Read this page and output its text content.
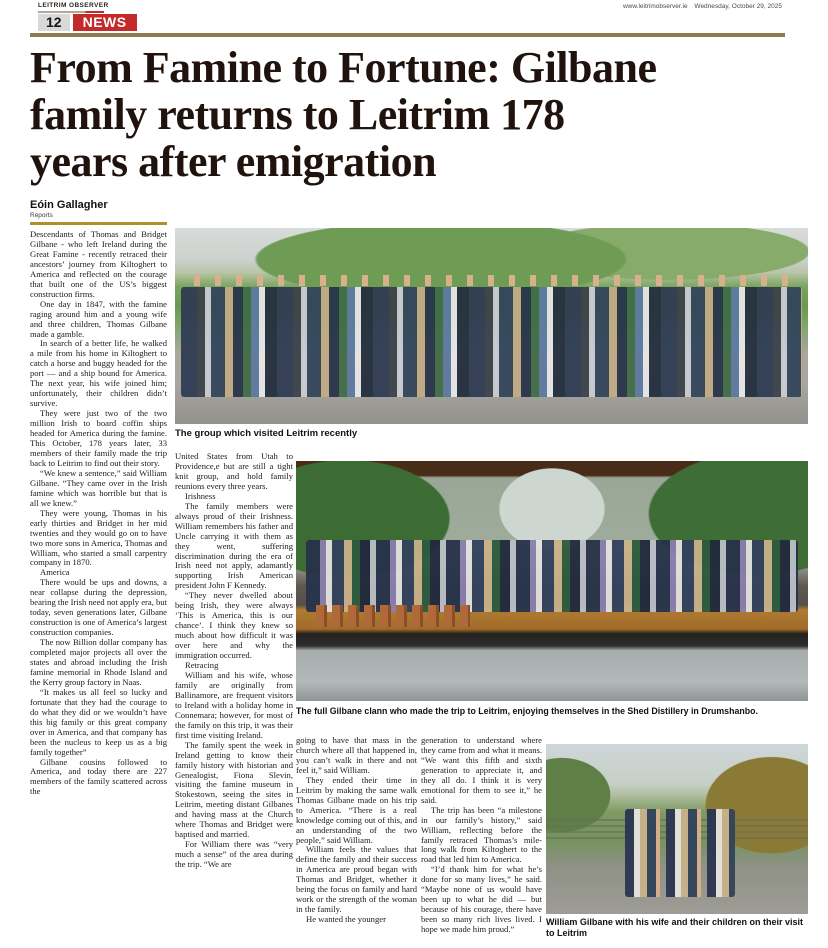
LEITRIM OBSERVER	www.leitrimobserver.ie Wednesday, October 29, 2025
12	NEWS
From Famine to Fortune: Gilbane
family returns to Leitrim 178
years after emigration
Eóin Gallagher
Reports

Descendants of Thomas and Bridget Gilbane - who left Ireland during the Great Famine - recently retraced their ancestors’ journey from Kiltoghert to America and reflected on the courage that built one of the US’s biggest construction firms.

One day in 1847, with the famine raging around him and a young wife and three children, Thomas Gilbane made a gamble.

In search of a better life, he walked a mile from his home in Kiltoghert to catch a horse and buggy headed for the port — and a ship bound for America. The next year, his wife joined him; unfortunately, their children didn’t survive.

They were just two of the two million Irish to board coffin ships headed for America during the famine. This October, 178 years later, 33 members of their family made the trip back to Leitrim to find out their story.

“We knew a sentence,” said William Gilbane. “They came over in the Irish famine which was horrible but that is all we knew.”

They were young, Thomas in his early thirties and Bridget in her mid twenties and they would go on to have two more sons in America, Thomas and William, who started a small carpentry company in 1870.

America

There would be ups and downs, a near collapse during the depression, bearing the Irish need not apply era, but today, seven generations later, Gilbane construction is one of America’s largest construction companies.

The now Billion dollar company has completed major projects all over the states and abroad including the Irish famine memorial in Rhode Island and the Kerry group factory in Naas.

“It makes us all feel so lucky and fortunate that they had the courage to do what they did or we wouldn’t have this big family or this great company over in America, and that company has been the nucleus to keep us as a big family together”

Gilbane cousins followed to America, and today there are 227 members of the family scattered across the

The group which visited Leitrim recently

United States from Utah to Providence,e but are still a tight knit group, and hold family reunions every three years.

Irishness

The family members were always proud of their Irishness. William remembers his father and Uncle carrying it with them as they went, suffering discrimination during the era of Irish need not apply, adamantly supporting Irish American president John F Kennedy.

“They never dwelled about being Irish, they were always ‘This is America, this is our chance’. I think they knew so much about how difficult it was over here and why the immigration occurred.

Retracing

William and his wife, whose family are originally from Ballinamore, are frequent visitors to Ireland with a holiday home in Connemara; however, for most of the family on this trip, it was their first time visiting Ireland.

The family spent the week in Ireland getting to know their family history with historian and Genealogist, Fiona Slevin, visiting the famine museum in Stokestown, seeing the sites in Leitrim, meeting distant Gilbanes and having mass at the Church where Thomas and Bridget were baptised and married.

For William there was “very much a sense” of the area during the trip. “We are

The full Gilbane clann who made the trip to Leitrim, enjoying themselves in the Shed Distillery in Drumshanbo.

going to have that mass in the church where all that happened in, you can’t walk in there and not feel it,” said William.

They ended their time in Leitrim by making the same walk Thomas Gilbane made on his trip to America. “There is a real knowledge coming out of this, and an understanding of the two people,” said William.

William feels the values that define the family and their success in America are proud began with Thomas and Bridget, whether it being the focus on family and hard work or the strength of the woman in the family.

He wanted the younger

generation to understand where they came from and what it means. “We want this fifth and sixth generation to appreciate it, and they all do. I think it is very emotional for them to see it,” he said.

The trip has been “a milestone in our family’s history,” said William, reflecting before the family retraced Thomas’s mile-long walk from Kiltoghert to the road that led him to America.

“I’d thank him for what he’s done for so many lives,” he said. “Maybe none of us would have been up to what he did — but because of his courage, there have been so many rich lives lived. I hope we made him proud.”

William Gilbane with his wife and their children on their visit to Leitrim
